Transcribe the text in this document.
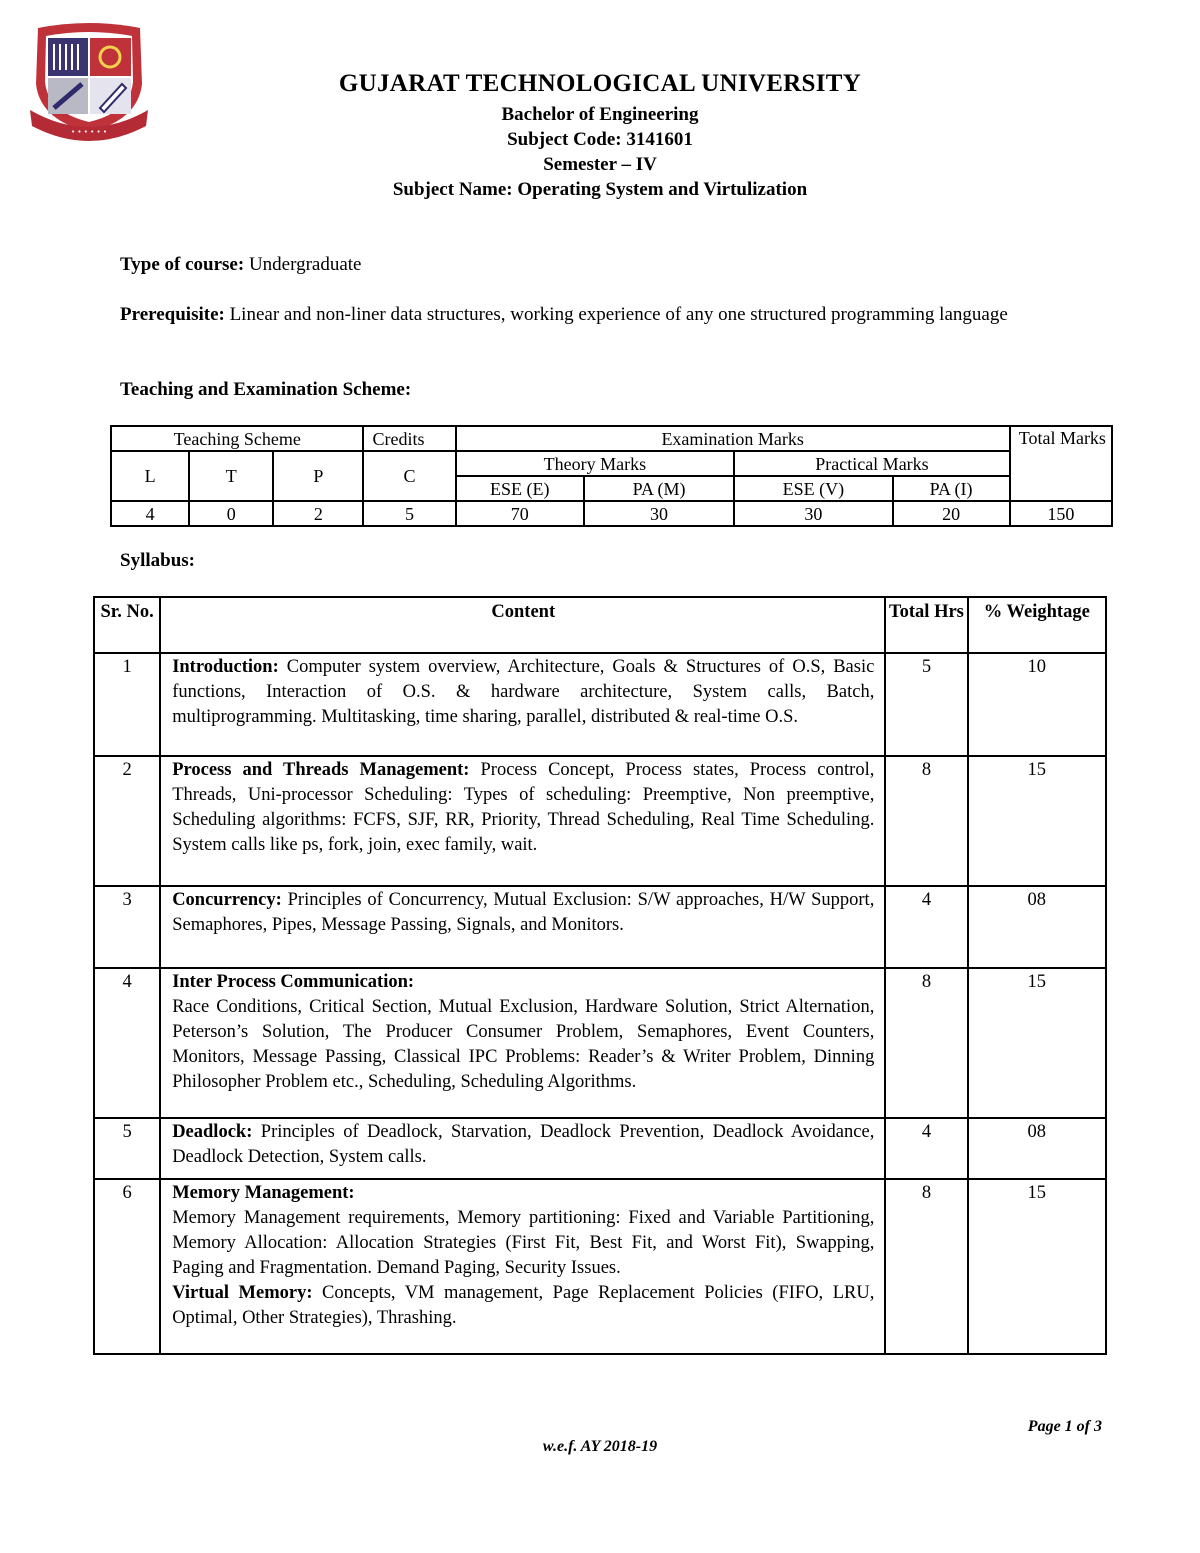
• • • • • •
GUJARAT TECHNOLOGICAL UNIVERSITY
Bachelor of Engineering
Subject Code: 3141601
Semester – IV
Subject Name: Operating System and Virtulization
Type of course: Undergraduate
Prerequisite: Linear and non-liner data structures, working experience of any one structured programming language
Teaching and Examination Scheme:
Teaching Scheme			Credits	Examination Marks				Total Marks
L	T	P	C	Theory Marks		Practical Marks		
				ESE (E)	PA (M)	ESE (V)	PA (I)	
4	0	2	5	70	30	30	20	150
Syllabus:
Sr. No.	Content	Total Hrs	% Weightage
1	Introduction: Computer system overview, Architecture, Goals & Structures of O.S, Basic functions, Interaction of O.S. & hardware architecture, System calls, Batch, multiprogramming. Multitasking, time sharing, parallel, distributed & real-time O.S.	5	10
2	Process and Threads Management: Process Concept, Process states, Process control, Threads, Uni-processor Scheduling: Types of scheduling: Preemptive, Non preemptive, Scheduling algorithms: FCFS, SJF, RR, Priority, Thread Scheduling, Real Time Scheduling. System calls like ps, fork, join, exec family, wait.	8	15
3	Concurrency: Principles of Concurrency, Mutual Exclusion: S/W approaches, H/W Support, Semaphores, Pipes, Message Passing, Signals, and Monitors.	4	08
4	Inter Process Communication:
Race Conditions, Critical Section, Mutual Exclusion, Hardware Solution, Strict Alternation, Peterson’s Solution, The Producer Consumer Problem, Semaphores, Event Counters, Monitors, Message Passing, Classical IPC Problems: Reader’s & Writer Problem, Dinning Philosopher Problem etc., Scheduling, Scheduling Algorithms.	8	15
5	Deadlock: Principles of Deadlock, Starvation, Deadlock Prevention, Deadlock Avoidance, Deadlock Detection, System calls.	4	08
6	Memory Management:
Memory Management requirements, Memory partitioning: Fixed and Variable Partitioning, Memory Allocation: Allocation Strategies (First Fit, Best Fit, and Worst Fit), Swapping, Paging and Fragmentation. Demand Paging, Security Issues.
Virtual Memory: Concepts, VM management, Page Replacement Policies (FIFO, LRU, Optimal, Other Strategies), Thrashing.	8	15
Page 1 of 3
w.e.f. AY 2018-19
